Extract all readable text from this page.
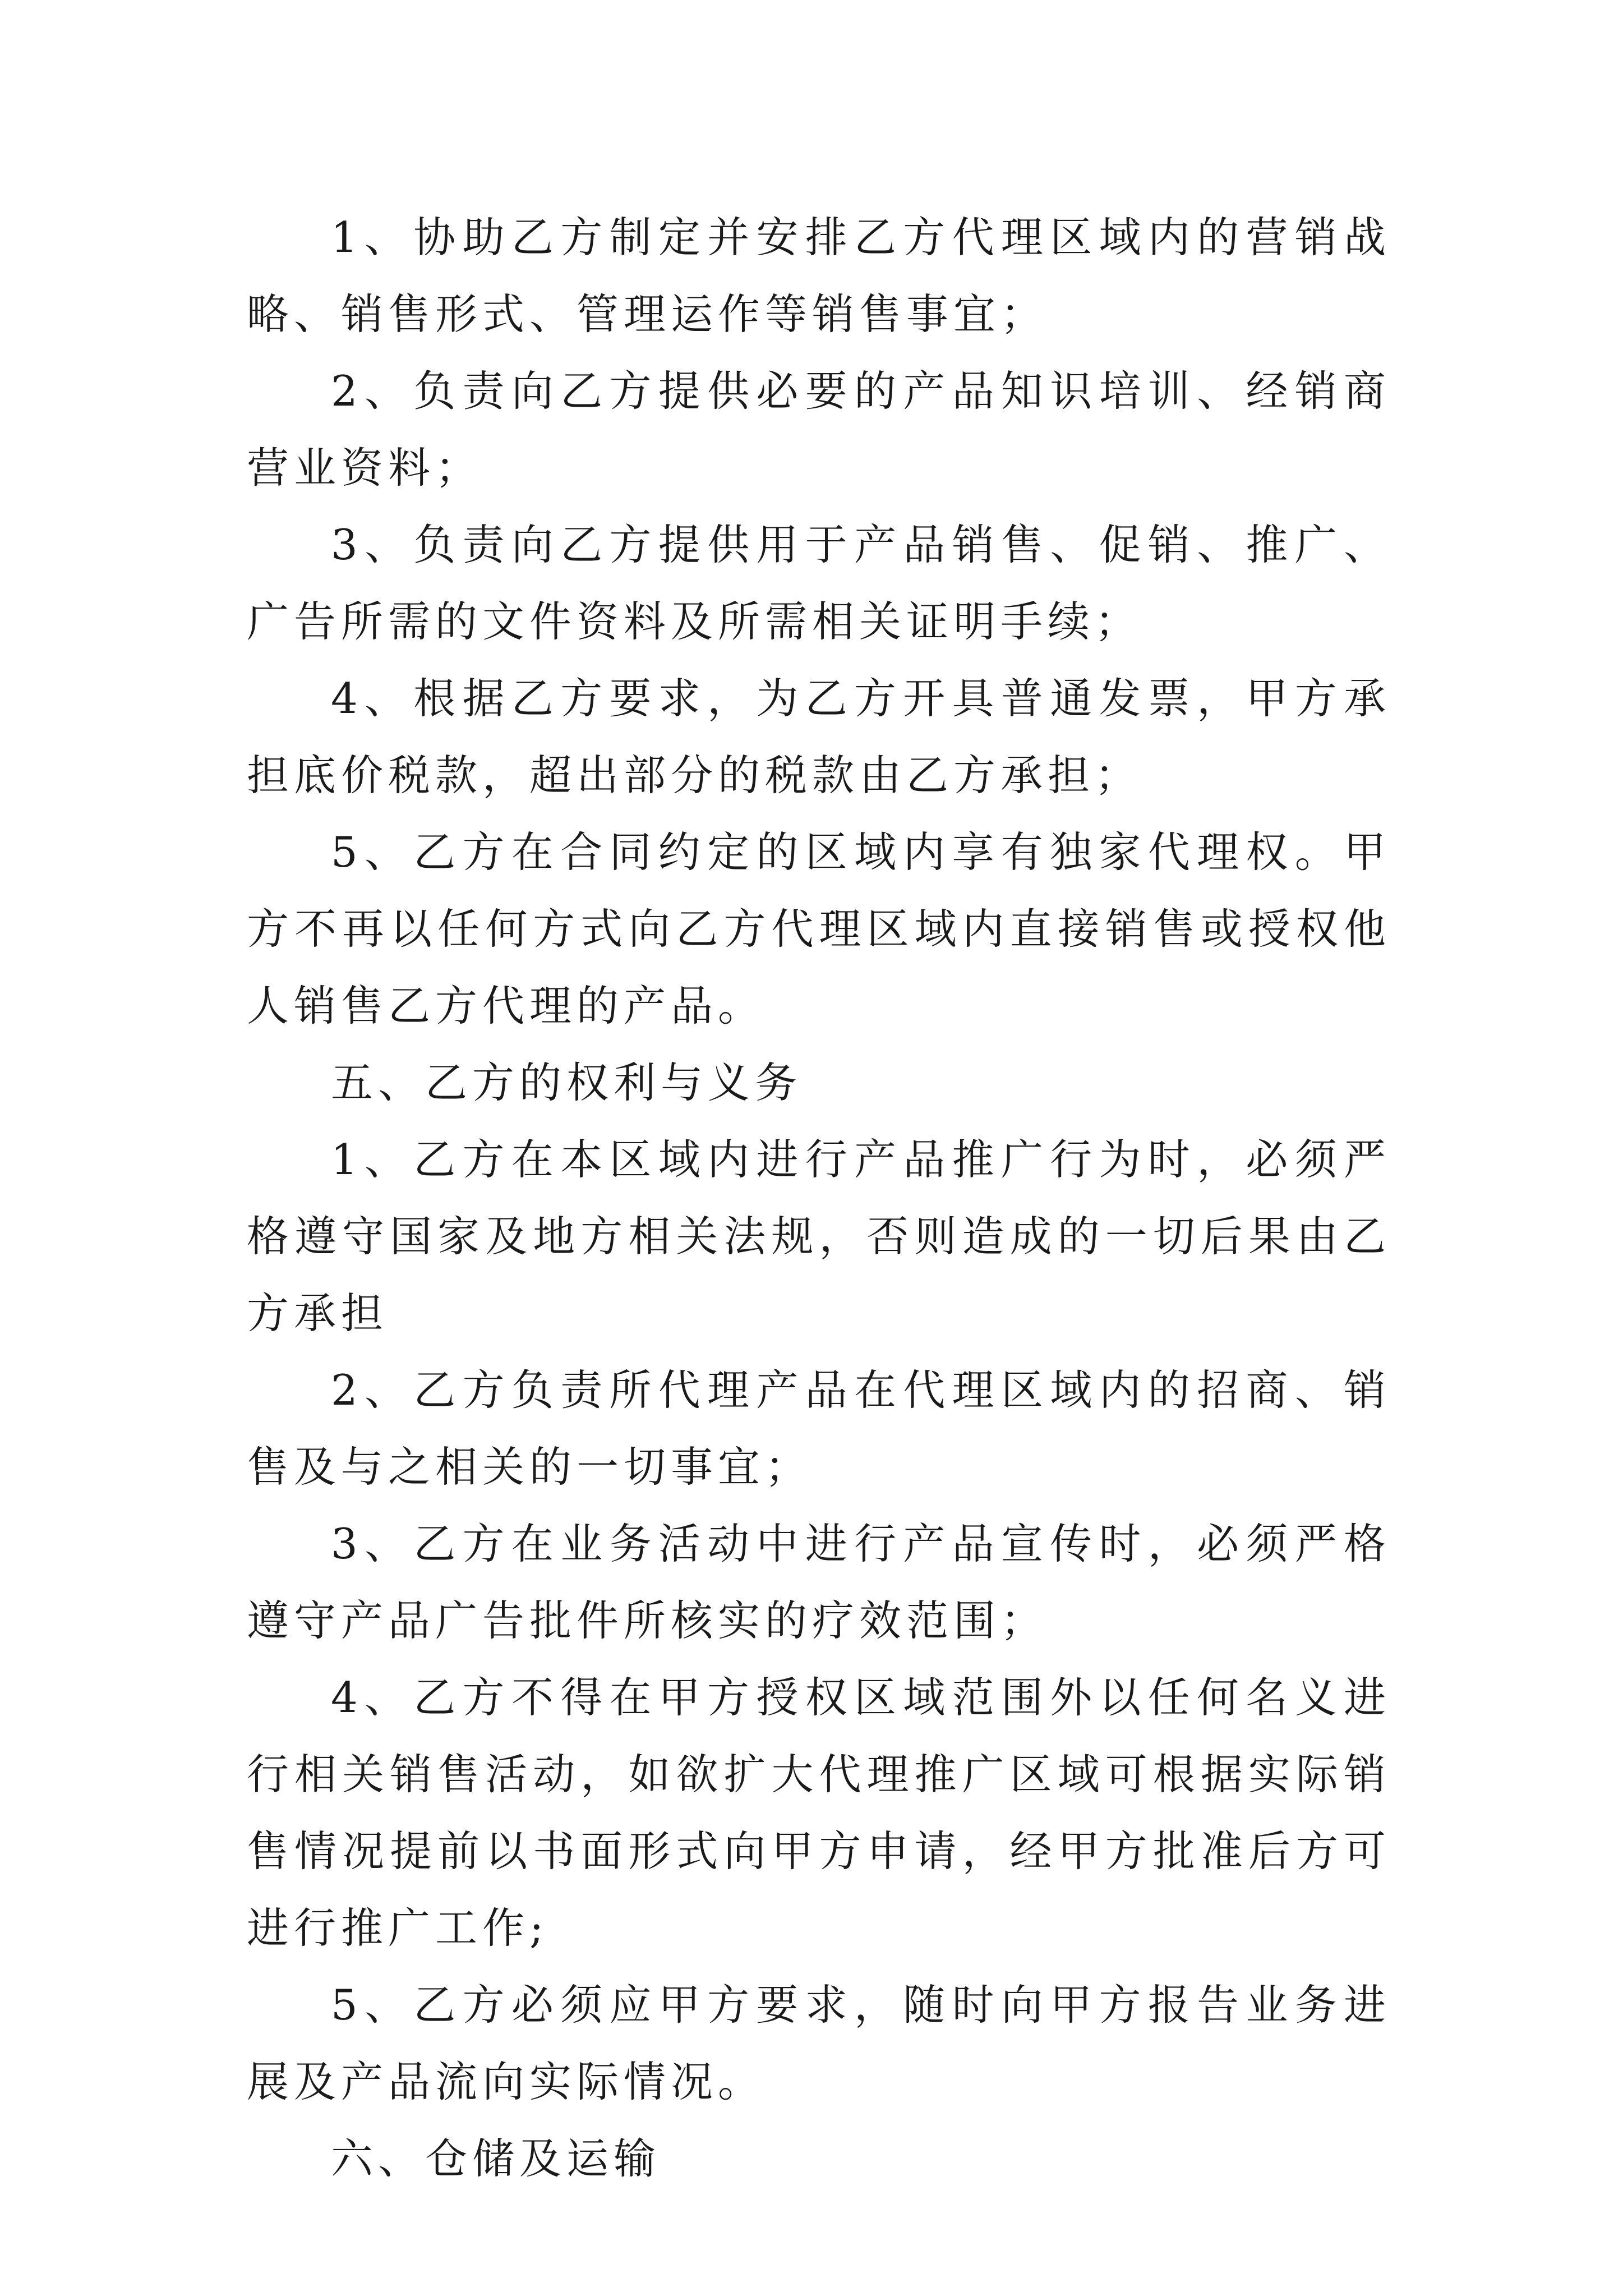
1、协助乙方制定并安排乙方代理区域内的营销战略、销售形式、管理运作等销售事宜；

2、负责向乙方提供必要的产品知识培训、经销商营业资料；

3、负责向乙方提供用于产品销售、促销、推广、广告所需的文件资料及所需相关证明手续；

4、根据乙方要求，为乙方开具普通发票，甲方承担底价税款，超出部分的税款由乙方承担；

5、乙方在合同约定的区域内享有独家代理权。甲方不再以任何方式向乙方代理区域内直接销售或授权他人销售乙方代理的产品。

五、乙方的权利与义务

1、乙方在本区域内进行产品推广行为时，必须严格遵守国家及地方相关法规，否则造成的一切后果由乙方承担

2、乙方负责所代理产品在代理区域内的招商、销售及与之相关的一切事宜；

3、乙方在业务活动中进行产品宣传时，必须严格遵守产品广告批件所核实的疗效范围；

4、乙方不得在甲方授权区域范围外以任何名义进行相关销售活动，如欲扩大代理推广区域可根据实际销售情况提前以书面形式向甲方申请，经甲方批准后方可进行推广工作;

5、乙方必须应甲方要求，随时向甲方报告业务进展及产品流向实际情况。

六、仓储及运输
